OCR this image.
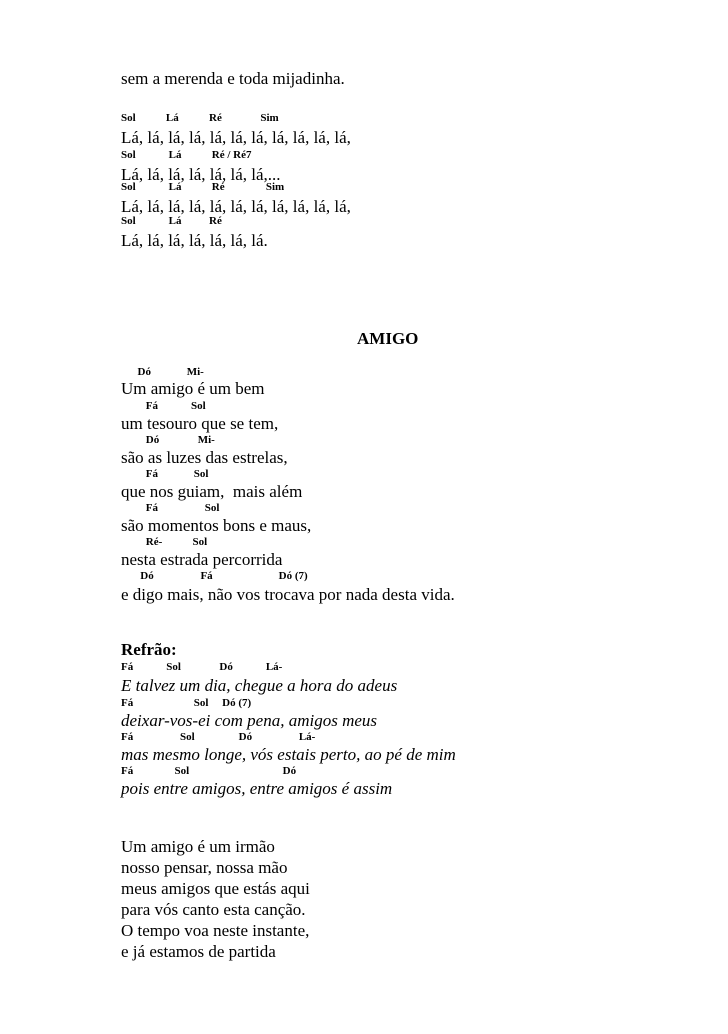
sem a merenda e toda mijadinha.

Sol           Lá           Ré              Sim

Lá, lá, lá, lá, lá, lá, lá, lá, lá, lá, lá,

Sol            Lá           Ré / Ré7

Lá, lá, lá, lá, lá, lá, lá,...

Sol            Lá           Ré               Sim

Lá, lá, lá, lá, lá, lá, lá, lá, lá, lá, lá,

Sol            Lá          Ré

Lá, lá, lá, lá, lá, lá, lá.

AMIGO

Dó             Mi-

Um amigo é um bem

Fá            Sol

um tesouro que se tem,

Dó              Mi-

são as luzes das estrelas,

Fá             Sol

que nos guiam,  mais além

Fá                 Sol

são momentos bons e maus,

Ré-           Sol

nesta estrada percorrida

Dó                 Fá                        Dó (7)

e digo mais, não vos trocava por nada desta vida.

Refrão:

Fá            Sol              Dó            Lá-

E talvez um dia, chegue a hora do adeus

Fá                      Sol     Dó (7)

deixar-vos-ei com pena, amigos meus

Fá                 Sol                Dó                 Lá-

mas mesmo longe, vós estais perto, ao pé de mim

Fá               Sol                                  Dó

pois entre amigos, entre amigos é assim

Um amigo é um irmão

nosso pensar, nossa mão

meus amigos que estás aqui

para vós canto esta canção.

O tempo voa neste instante,

e já estamos de partida
